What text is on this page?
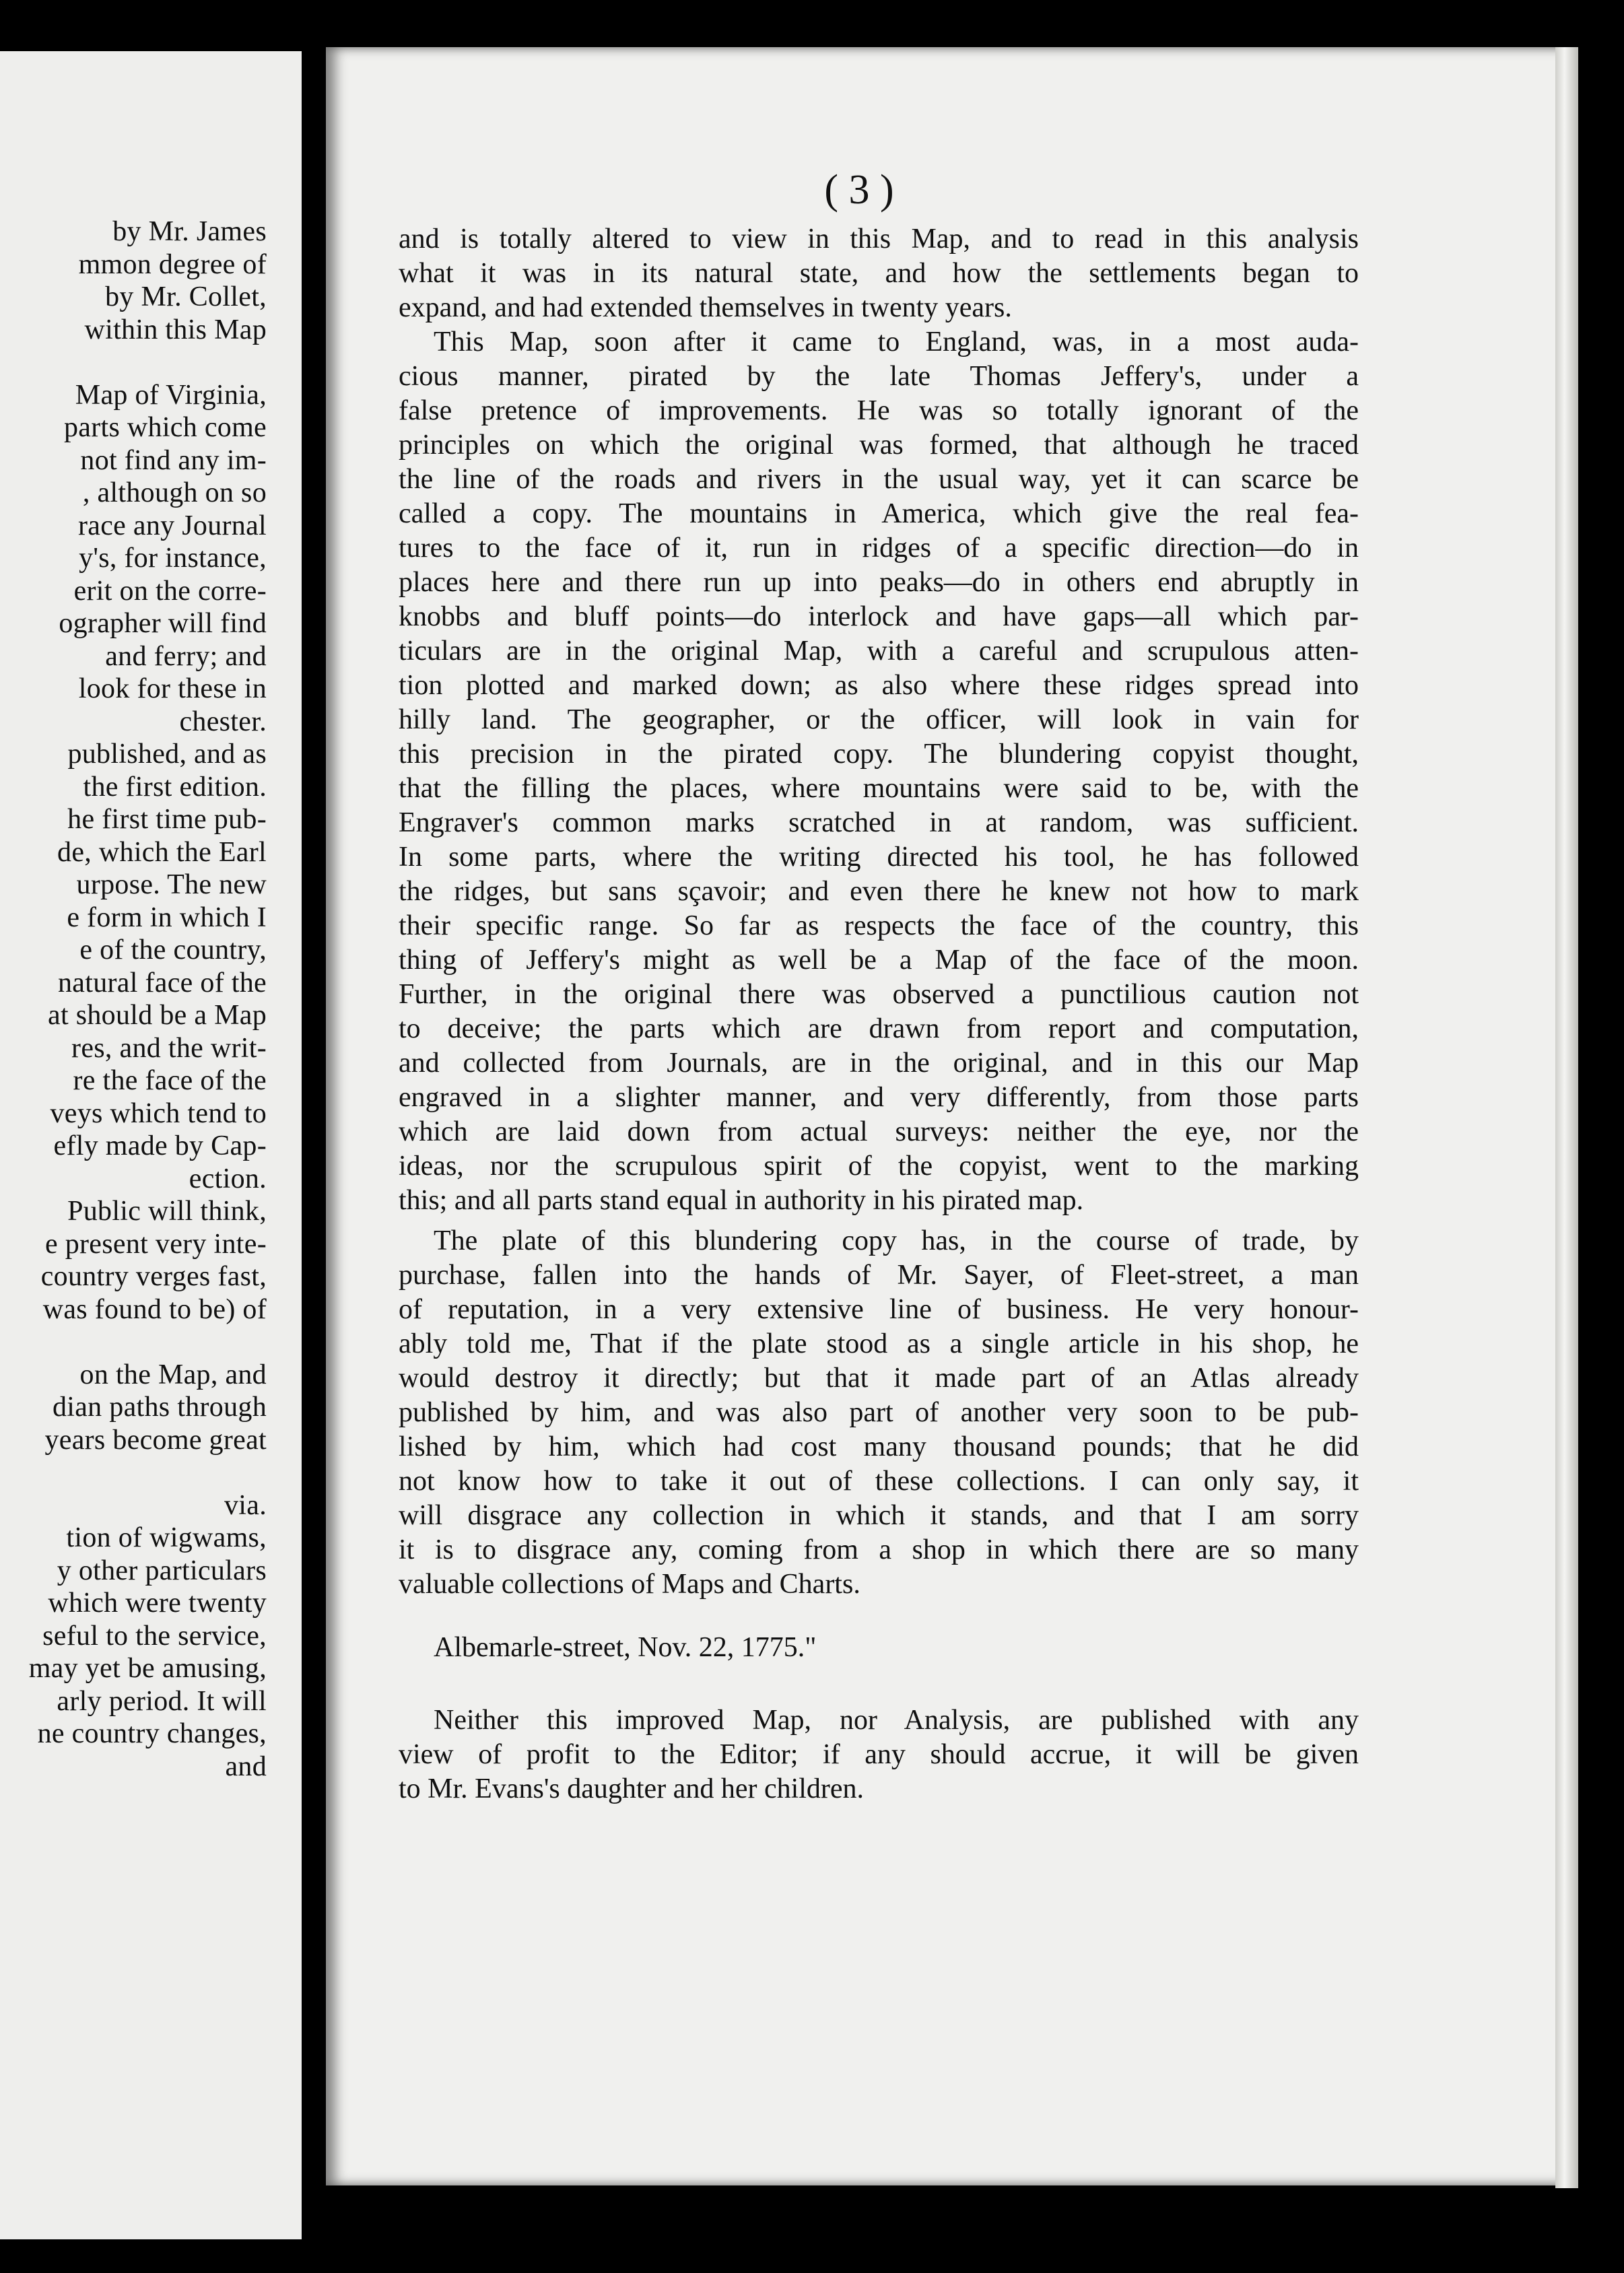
by Mr. James
mmon degree of
by Mr. Collet,
within this Map
Map of Virginia,
parts which come
not find any im-
, although on so
race any Journal
y's, for instance,
erit on the corre-
ographer will find
and ferry; and
look for these in
chester.
published, and as
the first edition.
he first time pub-
de, which the Earl
urpose. The new
e form in which I
e of the country,
natural face of the
at should be a Map
res, and the writ-
re the face of the
veys which tend to
efly made by Cap-
ection.
Public will think,
e present very inte-
country verges fast,
was found to be) of
on the Map, and
dian paths through
years become great
via.
tion of wigwams,
y other particulars
which were twenty
seful to the service,
may yet be amusing,
arly period. It will
ne country changes,
and
( 3 )
and is totally altered to view in this Map, and to read in this analysis
what it was in its natural state, and how the settlements began to
expand, and had extended themselves in twenty years.
This Map, soon after it came to England, was, in a most auda-
cious manner, pirated by the late Thomas Jeffery's, under a
false pretence of improvements. He was so totally ignorant of the
principles on which the original was formed, that although he traced
the line of the roads and rivers in the usual way, yet it can scarce be
called a copy. The mountains in America, which give the real fea-
tures to the face of it, run in ridges of a specific direction—do in
places here and there run up into peaks—do in others end abruptly in
knobbs and bluff points—do interlock and have gaps—all which par-
ticulars are in the original Map, with a careful and scrupulous atten-
tion plotted and marked down; as also where these ridges spread into
hilly land. The geographer, or the officer, will look in vain for
this precision in the pirated copy. The blundering copyist thought,
that the filling the places, where mountains were said to be, with the
Engraver's common marks scratched in at random, was sufficient.
In some parts, where the writing directed his tool, he has followed
the ridges, but sans sçavoir; and even there he knew not how to mark
their specific range. So far as respects the face of the country, this
thing of Jeffery's might as well be a Map of the face of the moon.
Further, in the original there was observed a punctilious caution not
to deceive; the parts which are drawn from report and computation,
and collected from Journals, are in the original, and in this our Map
engraved in a slighter manner, and very differently, from those parts
which are laid down from actual surveys: neither the eye, nor the
ideas, nor the scrupulous spirit of the copyist, went to the marking
this; and all parts stand equal in authority in his pirated map.
The plate of this blundering copy has, in the course of trade, by
purchase, fallen into the hands of Mr. Sayer, of Fleet-street, a man
of reputation, in a very extensive line of business. He very honour-
ably told me, That if the plate stood as a single article in his shop, he
would destroy it directly; but that it made part of an Atlas already
published by him, and was also part of another very soon to be pub-
lished by him, which had cost many thousand pounds; that he did
not know how to take it out of these collections. I can only say, it
will disgrace any collection in which it stands, and that I am sorry
it is to disgrace any, coming from a shop in which there are so many
valuable collections of Maps and Charts.
Albemarle-street, Nov. 22, 1775."
Neither this improved Map, nor Analysis, are published with any
view of profit to the Editor; if any should accrue, it will be given
to Mr. Evans's daughter and her children.
